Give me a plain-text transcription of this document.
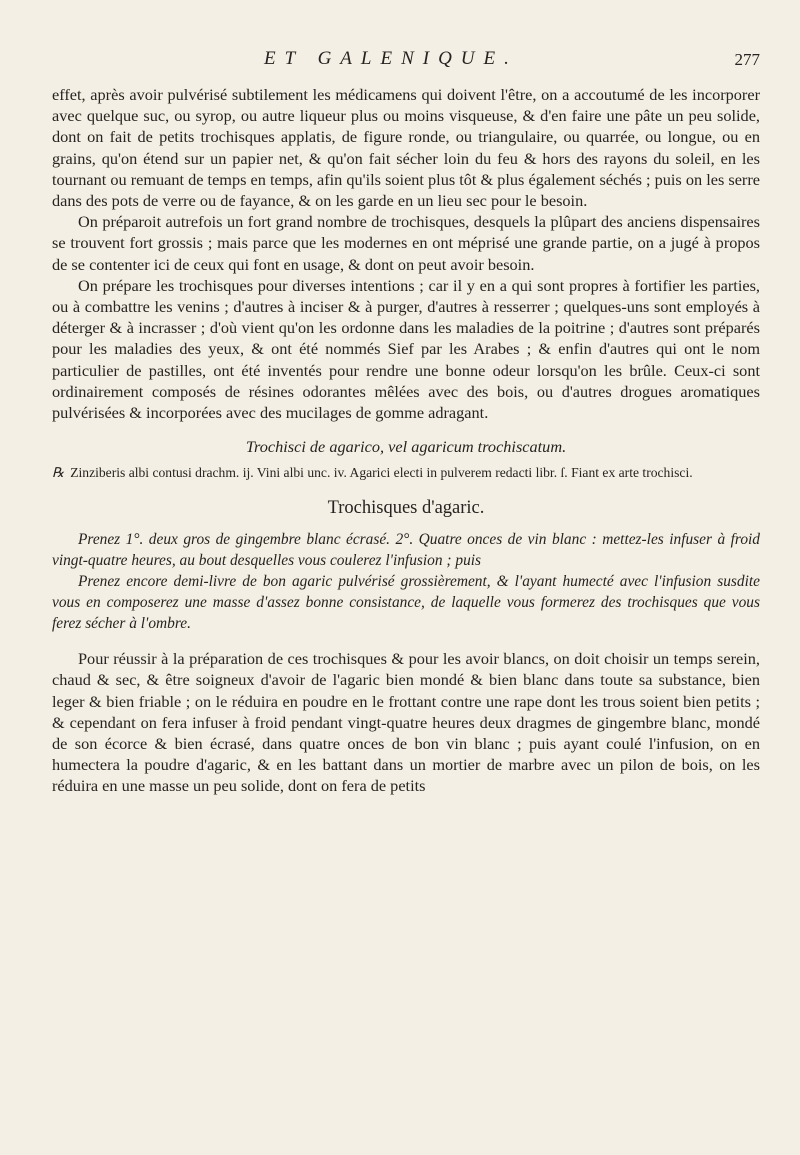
ET GALENIQUE.	277

effet, après avoir pulvérisé subtilement les médicamens qui doivent l'être, on a accoutumé de les incorporer avec quelque suc, ou syrop, ou autre liqueur plus ou moins visqueuse, & d'en faire une pâte un peu solide, dont on fait de petits trochisques applatis, de figure ronde, ou triangulaire, ou quarrée, ou longue, ou en grains, qu'on étend sur un papier net, & qu'on fait sécher loin du feu & hors des rayons du soleil, en les tournant ou remuant de temps en temps, afin qu'ils soient plus tôt & plus également séchés ; puis on les serre dans des pots de verre ou de fayance, & on les garde en un lieu sec pour le besoin.

On préparoit autrefois un fort grand nombre de trochisques, desquels la plûpart des anciens dispensaires se trouvent fort grossis ; mais parce que les modernes en ont méprisé une grande partie, on a jugé à propos de se contenter ici de ceux qui font en usage, & dont on peut avoir besoin.

On prépare les trochisques pour diverses intentions ; car il y en a qui sont propres à fortifier les parties, ou à combattre les venins ; d'autres à inciser & à purger, d'autres à resserrer ; quelques-uns sont employés à déterger & à incrasser ; d'où vient qu'on les ordonne dans les maladies de la poitrine ; d'autres sont préparés pour les maladies des yeux, & ont été nommés Sief par les Arabes ; & enfin d'autres qui ont le nom particulier de pastilles, ont été inventés pour rendre une bonne odeur lorsqu'on les brûle. Ceux-ci sont ordinairement composés de résines odorantes mêlées avec des bois, ou d'autres drogues aromatiques pulvérisées & incorporées avec des mucilages de gomme adragant.

Trochisci de agarico, vel agaricum trochiscatum.

℞ Zinziberis albi contusi drachm. ij. Vini albi unc. iv. Agarici electi in pulverem redacti libr. ſ. Fiant ex arte trochisci.

Trochisques d'agaric.

Prenez 1°. deux gros de gingembre blanc écrasé. 2°. Quatre onces de vin blanc : mettez-les infuser à froid vingt-quatre heures, au bout desquelles vous coulerez l'infusion ; puis

Prenez encore demi-livre de bon agaric pulvérisé grossièrement, & l'ayant humecté avec l'infusion susdite vous en composerez une masse d'assez bonne consistance, de laquelle vous formerez des trochisques que vous ferez sécher à l'ombre.

Pour réussir à la préparation de ces trochisques & pour les avoir blancs, on doit choisir un temps serein, chaud & sec, & être soigneux d'avoir de l'agaric bien mondé & bien blanc dans toute sa substance, bien leger & bien friable ; on le réduira en poudre en le frottant contre une rape dont les trous soient bien petits ; & cependant on fera infuser à froid pendant vingt-quatre heures deux dragmes de gingembre blanc, mondé de son écorce & bien écrasé, dans quatre onces de bon vin blanc ; puis ayant coulé l'infusion, on en humectera la poudre d'agaric, & en les battant dans un mortier de marbre avec un pilon de bois, on les réduira en une masse un peu solide, dont on fera de petits
